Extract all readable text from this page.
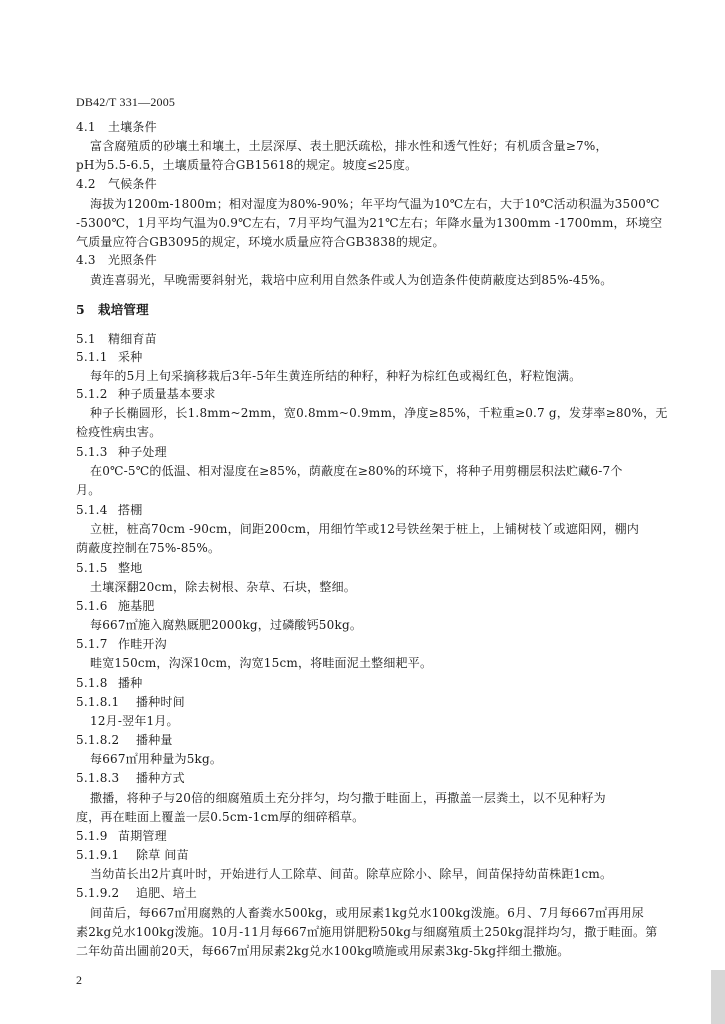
DB42/T 331—2005
4.1 土壤条件
富含腐殖质的砂壤土和壤土，土层深厚、表土肥沃疏松，排水性和透气性好；有机质含量≥7%，
pH为5.5-6.5，土壤质量符合GB15618的规定。坡度≤25度。
4.2 气候条件
海拔为1200m-1800m；相对湿度为80%-90%；年平均气温为10℃左右，大于10℃活动积温为3500℃
-5300℃，1月平均气温为0.9℃左右，7月平均气温为21℃左右；年降水量为1300mm -1700mm，环境空
气质量应符合GB3095的规定，环境水质量应符合GB3838的规定。
4.3 光照条件
黄连喜弱光，早晚需要斜射光，栽培中应利用自然条件或人为创造条件使荫蔽度达到85%-45%。
5 栽培管理
5.1 精细育苗
5.1.1 采种
每年的5月上旬采摘移栽后3年-5年生黄连所结的种籽，种籽为棕红色或褐红色，籽粒饱满。
5.1.2 种子质量基本要求
种子长椭圆形，长1.8mm~2mm，宽0.8mm~0.9mm，净度≥85%，千粒重≥0.7 g，发芽率≥80%，无
检疫性病虫害。
5.1.3 种子处理
在0℃-5℃的低温、相对湿度在≥85%，荫蔽度在≥80%的环境下，将种子用剪棚层积法贮藏6-7个
月。
5.1.4 搭棚
立桩，桩高70cm -90cm，间距200cm，用细竹竿或12号铁丝架于桩上，上铺树枝丫或遮阳网，棚内
荫蔽度控制在75%-85%。
5.1.5 整地
土壤深翻20cm，除去树根、杂草、石块，整细。
5.1.6 施基肥
每667㎡施入腐熟厩肥2000kg，过磷酸钙50kg。
5.1.7 作畦开沟
畦宽150cm，沟深10cm，沟宽15cm，将畦面泥土整细耙平。
5.1.8 播种
5.1.8.1 播种时间
12月-翌年1月。
5.1.8.2 播种量
每667㎡用种量为5kg。
5.1.8.3 播种方式
撒播，将种子与20倍的细腐殖质土充分拌匀，均匀撒于畦面上，再撒盖一层粪土，以不见种籽为
度，再在畦面上覆盖一层0.5cm-1cm厚的细碎稻草。
5.1.9 苗期管理
5.1.9.1 除草 间苗
当幼苗长出2片真叶时，开始进行人工除草、间苗。除草应除小、除早，间苗保持幼苗株距1cm。
5.1.9.2 追肥、培土
间苗后，每667㎡用腐熟的人畜粪水500kg，或用尿素1kg兑水100kg泼施。6月、7月每667㎡再用尿
素2kg兑水100kg泼施。10月-11月每667㎡施用饼肥粉50kg与细腐殖质土250kg混拌均匀，撒于畦面。第
二年幼苗出圃前20天，每667㎡用尿素2kg兑水100kg喷施或用尿素3kg-5kg拌细土撒施。
2
